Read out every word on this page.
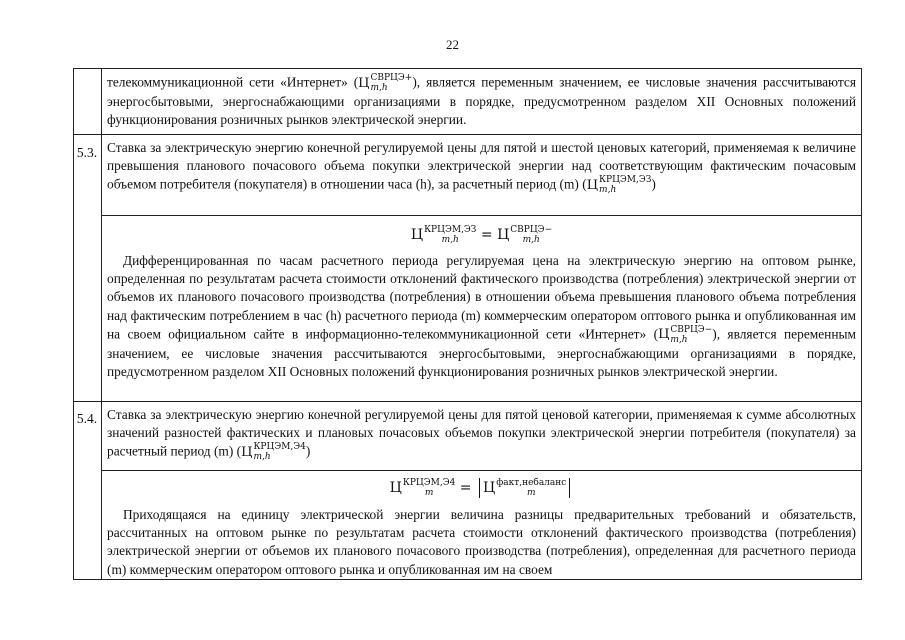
22
телекоммуникационной сети «Интернет» (Ц СВРЦЭ+
m,h	), является переменным значением, ее числовые значения рассчитываются энергосбытовыми, энергоснабжающими организациями в порядке, предусмотренном разделом XII Основных положений функционирования розничных рынков электрической энергии.
5.3. Ставка за электрическую энергию конечной регулируемой цены для пятой и шестой ценовых категорий, применяемая к величине превышения планового почасового объема покупки электрической энергии над соответствующим фактическим почасовым объемом потребителя (покупателя) в отношении часа (h), за расчетный период (m) (Ц КРЦЭМ,ЭЗ
m,h	)
Ц КРЦЭМ,ЭЗ
m,h	= Ц СВРЦЭ−
m,h
Дифференцированная по часам расчетного периода регулируемая цена на электрическую энергию на оптовом рынке, определенная по результатам расчета стоимости отклонений фактического производства (потребления) электрической энергии от объемов их планового почасового производства (потребления) в отношении объема превышения планового объема потребления над фактическим потреблением в час (h) расчетного периода (m) коммерческим оператором оптового рынка и опубликованная им на своем официальном сайте в информационно-телекоммуникационной сети «Интернет» (Ц СВРЦЭ−
m,h	), является переменным значением, ее числовые значения рассчитываются энергосбытовыми, энергоснабжающими организациями в порядке, предусмотренном разделом XII Основных положений функционирования розничных рынков электрической энергии.
5.4. Ставка за электрическую энергию конечной регулируемой цены для пятой ценовой категории, применяемая к сумме абсолютных значений разностей фактических и плановых почасовых объемов покупки электрической энергии потребителя (покупателя) за расчетный период (m) (Ц КРЦЭМ,Э4
m,h	)
Ц КРЦЭМ,Э4
m	= Ц факт,небаланс
m
Приходящаяся на единицу электрической энергии величина разницы предварительных требований и обязательств, рассчитанных на оптовом рынке по результатам расчета стоимости отклонений фактического производства (потребления) электрической энергии от объемов их планового почасового производства (потребления), определенная для расчетного периода (m) коммерческим оператором оптового рынка и опубликованная им на своем
